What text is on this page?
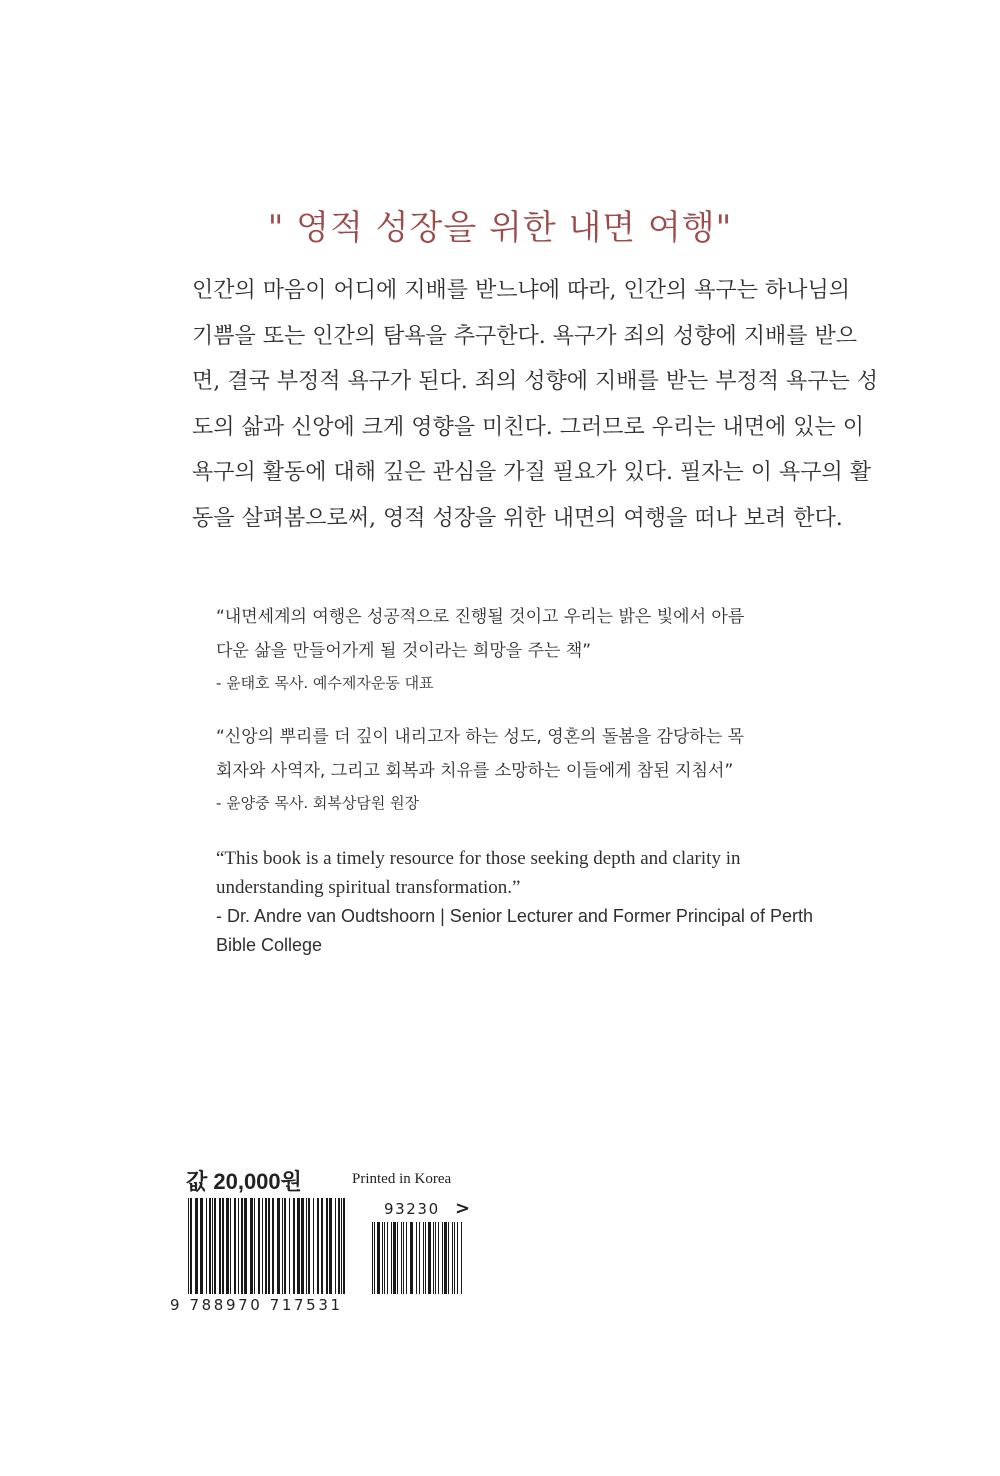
" 영적 성장을 위한 내면 여행"
인간의 마음이 어디에 지배를 받느냐에 따라, 인간의 욕구는 하나님의
기쁨을 또는 인간의 탐욕을 추구한다. 욕구가 죄의 성향에 지배를 받으
면, 결국 부정적 욕구가 된다. 죄의 성향에 지배를 받는 부정적 욕구는 성
도의 삶과 신앙에 크게 영향을 미친다. 그러므로 우리는 내면에 있는 이
욕구의 활동에 대해 깊은 관심을 가질 필요가 있다. 필자는 이 욕구의 활
동을 살펴봄으로써, 영적 성장을 위한 내면의 여행을 떠나 보려 한다.
“내면세계의 여행은 성공적으로 진행될 것이고 우리는 밝은 빛에서 아름
다운 삶을 만들어가게 될 것이라는 희망을 주는 책”
- 윤태호 목사. 예수제자운동 대표
“신앙의 뿌리를 더 깊이 내리고자 하는 성도, 영혼의 돌봄을 감당하는 목
회자와 사역자, 그리고 회복과 치유를 소망하는 이들에게 참된 지침서”
- 윤양중 목사. 회복상담원 원장
“This book is a timely resource for those seeking depth and clarity in
understanding spiritual transformation.”
- Dr. Andre van Oudtshoorn | Senior Lecturer and Former Principal of Perth
Bible College
값 20,000원	Printed in Korea
9 788970 717531
93230 >
